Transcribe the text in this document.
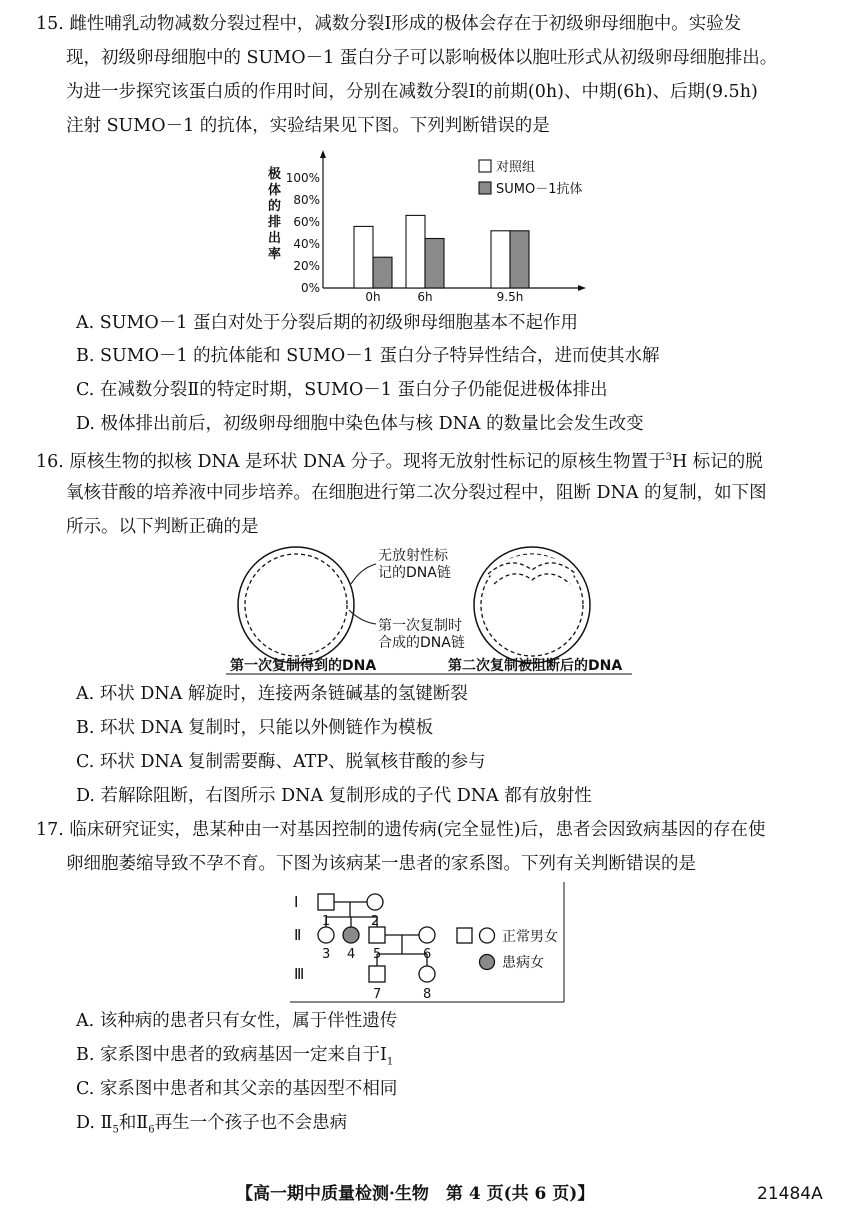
15. 雌性哺乳动物减数分裂过程中，减数分裂Ⅰ形成的极体会存在于初级卵母细胞中。实验发
现，初级卵母细胞中的 SUMO－1 蛋白分子可以影响极体以胞吐形式从初级卵母细胞排出。
为进一步探究该蛋白质的作用时间，分别在减数分裂Ⅰ的前期(0h)、中期(6h)、后期(9.5h)
注射 SUMO－1 的抗体，实验结果见下图。下列判断错误的是
极
体
的
排
出
率
0%
20%
40%
60%
80%
100%
0h	6h	9.5h
对照组
SUMO－1抗体
A. SUMO－1 蛋白对处于分裂后期的初级卵母细胞基本不起作用
B. SUMO－1 的抗体能和 SUMO－1 蛋白分子特异性结合，进而使其水解
C. 在减数分裂Ⅱ的特定时期，SUMO－1 蛋白分子仍能促进极体排出
D. 极体排出前后，初级卵母细胞中染色体与核 DNA 的数量比会发生改变
16. 原核生物的拟核 DNA 是环状 DNA 分子。现将无放射性标记的原核生物置于$^3$H 标记的脱
氧核苷酸的培养液中同步培养。在细胞进行第二次分裂过程中，阻断 DNA 的复制，如下图
所示。以下判断正确的是
无放射性标
记的DNA链
第一次复制时
合成的DNA链
第一次复制得到的DNA	第二次复制被阻断后的DNA
A. 环状 DNA 解旋时，连接两条链碱基的氢键断裂
B. 环状 DNA 复制时，只能以外侧链作为模板
C. 环状 DNA 复制需要酶、ATP、脱氧核苷酸的参与
D. 若解除阻断，右图所示 DNA 复制形成的子代 DNA 都有放射性
17. 临床研究证实，患某种由一对基因控制的遗传病(完全显性)后，患者会因致病基因的存在使
卵细胞萎缩导致不孕不育。下图为该病某一患者的家系图。下列有关判断错误的是
Ⅰ
Ⅱ
Ⅲ
1	2
3 4 5	6
7	8
正常男女
患病女
A. 该种病的患者只有女性，属于伴性遗传
B. 家系图中患者的致病基因一定来自于$Ⅰ_1$
C. 家系图中患者和其父亲的基因型不相同
D. $Ⅱ_5$和$Ⅱ_6$再生一个孩子也不会患病
【高一期中质量检测·生物　第 4 页(共 6 页)】	21484A
